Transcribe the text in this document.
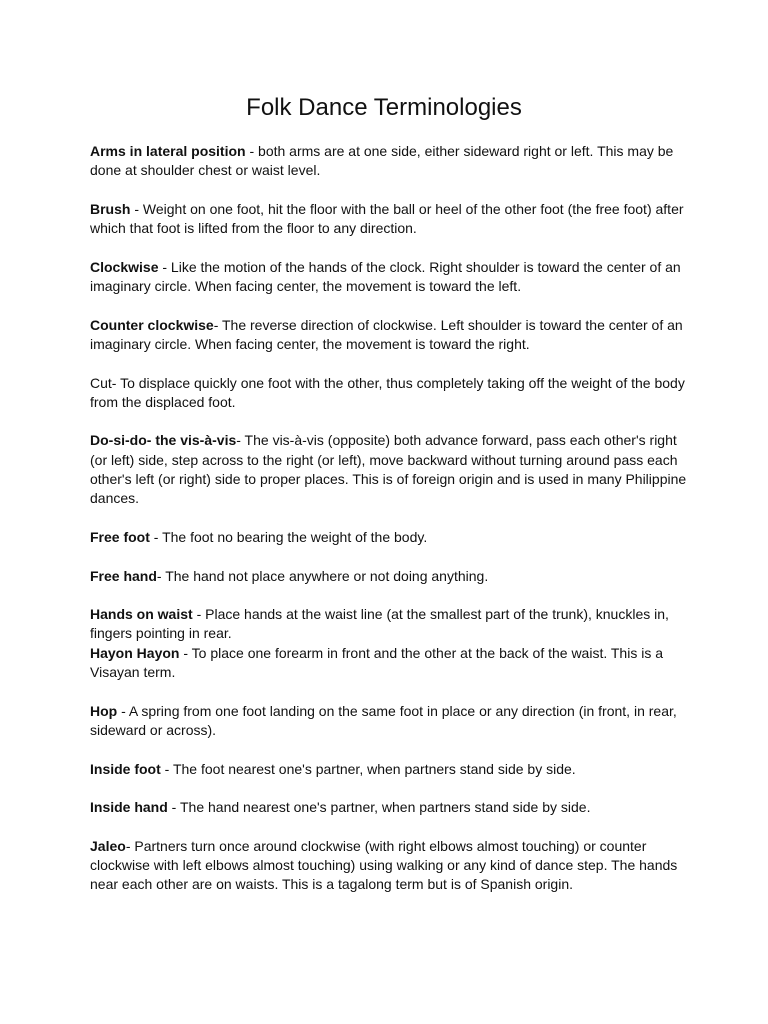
Folk Dance Terminologies

Arms in lateral position - both arms are at one side, either sideward right or left. This may be done at shoulder chest or waist level.

Brush - Weight on one foot, hit the floor with the ball or heel of the other foot (the free foot) after which that foot is lifted from the floor to any direction.

Clockwise - Like the motion of the hands of the clock. Right shoulder is toward the center of an imaginary circle. When facing center, the movement is toward the left.

Counter clockwise- The reverse direction of clockwise. Left shoulder is toward the center of an imaginary circle. When facing center, the movement is toward the right.

Cut- To displace quickly one foot with the other, thus completely taking off the weight of the body from the displaced foot.

Do-si-do- the vis-à-vis- The vis-à-vis (opposite) both advance forward, pass each other's right (or left) side, step across to the right (or left), move backward without turning around pass each other's left (or right) side to proper places. This is of foreign origin and is used in many Philippine dances.

Free foot - The foot no bearing the weight of the body.

Free hand- The hand not place anywhere or not doing anything.

Hands on waist - Place hands at the waist line (at the smallest part of the trunk), knuckles in, fingers pointing in rear.

Hayon Hayon - To place one forearm in front and the other at the back of the waist. This is a Visayan term.

Hop - A spring from one foot landing on the same foot in place or any direction (in front, in rear, sideward or across).

Inside foot - The foot nearest one's partner, when partners stand side by side.

Inside hand - The hand nearest one's partner, when partners stand side by side.

Jaleo- Partners turn once around clockwise (with right elbows almost touching) or counter clockwise with left elbows almost touching) using walking or any kind of dance step. The hands near each other are on waists. This is a tagalong term but is of Spanish origin.
